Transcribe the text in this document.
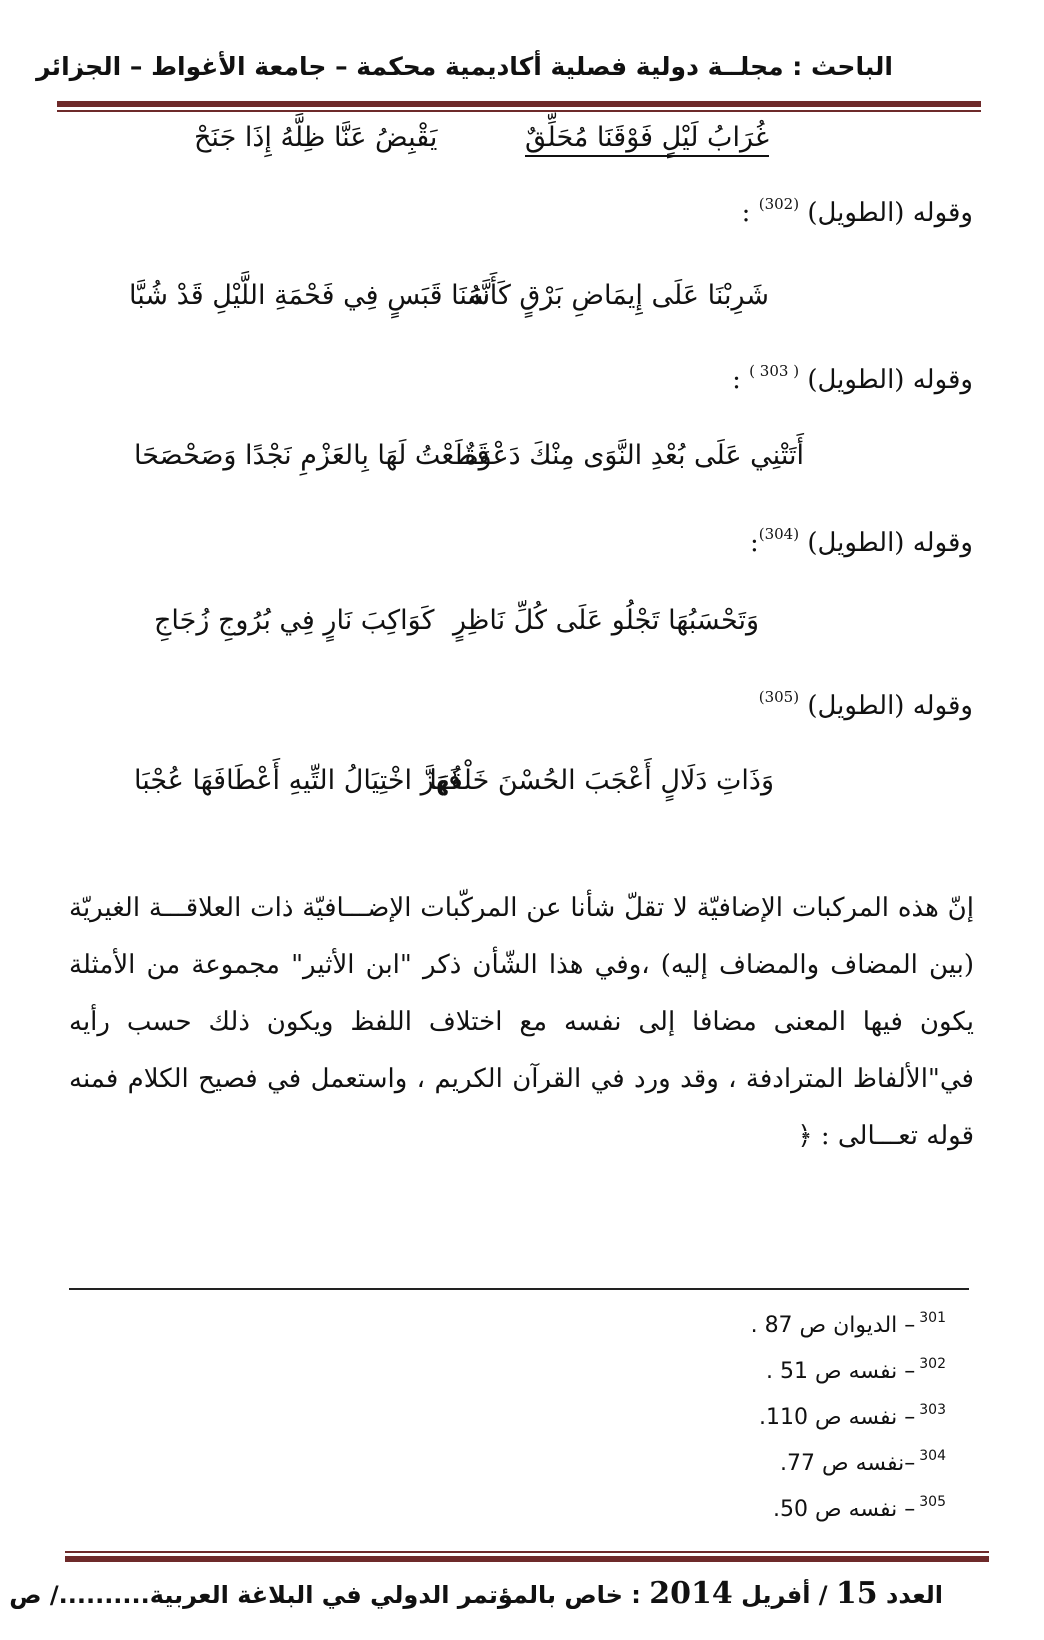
الباحث : مجلــة دولية فصلية أكاديمية محكمة – جامعة الأغواط – الجزائر
غُرَابُ لَيْلٍ فَوْقَنَا مُحَلِّقٌ
يَقْبِضُ عَنَّا ظِلَّهُ إِذَا جَنَحْ
وقوله (الطويل) $^{(302)}$ :
شَرِبْنَا عَلَى إِيمَاضِ بَرْقٍ كَأَنَّهُ
سَنَا قَبَسٍ فِي فَحْمَةِ اللَّيْلِ قَدْ شُبَّا
وقوله (الطويل) $^{( 303 )}$ :
أَتَتْنِي عَلَى بُعْدِ النَّوَى مِنْكَ دَعْوَةٌ
قَطَعْتُ لَهَا بِالعَزْمِ نَجْدًا وَصَحْصَحَا
وقوله (الطويل) $^{(304)}$:
وَتَحْسَبُهَا تَجْلُو عَلَى كُلِّ نَاظِرٍ
كَوَاكِبَ نَارٍ فِي بُرُوجِ زُجَاجِ
وقوله (الطويل) $^{(305)}$
وَذَاتِ دَلَالٍ أَعْجَبَ الحُسْنَ خَلْقُهَا
فَهَزَّ اخْتِيَالُ التِّيهِ أَعْطَافَهَا عُجْبَا
إنّ هذه المركبات الإضافيّة لا تقلّ شأنا عن المركّبات الإضـــافيّة ذات العلاقـــة الغيريّة (بين المضاف والمضاف إليه) ،وفي هذا الشّأن ذكر "ابن الأثير" مجموعة من الأمثلة يكون فيها المعنى مضافا إلى نفسه مع اختلاف اللفظ ويكون ذلك حسب رأيه في"الألفاظ المترادفة ، وقد ورد في القرآن الكريم ، واستعمل في فصيح الكلام فمنه قوله تعـــالى : ﴿
$^{301}$– الديوان ص 87 .
$^{302}$– نفسه ص 51 .
$^{303}$– نفسه ص 110.
$^{304}$–نفسه ص 77.
$^{305}$– نفسه ص 50.
العدد 15 / أفريل 2014 : خاص بالمؤتمر الدولي في البلاغة العربية........../ ص
